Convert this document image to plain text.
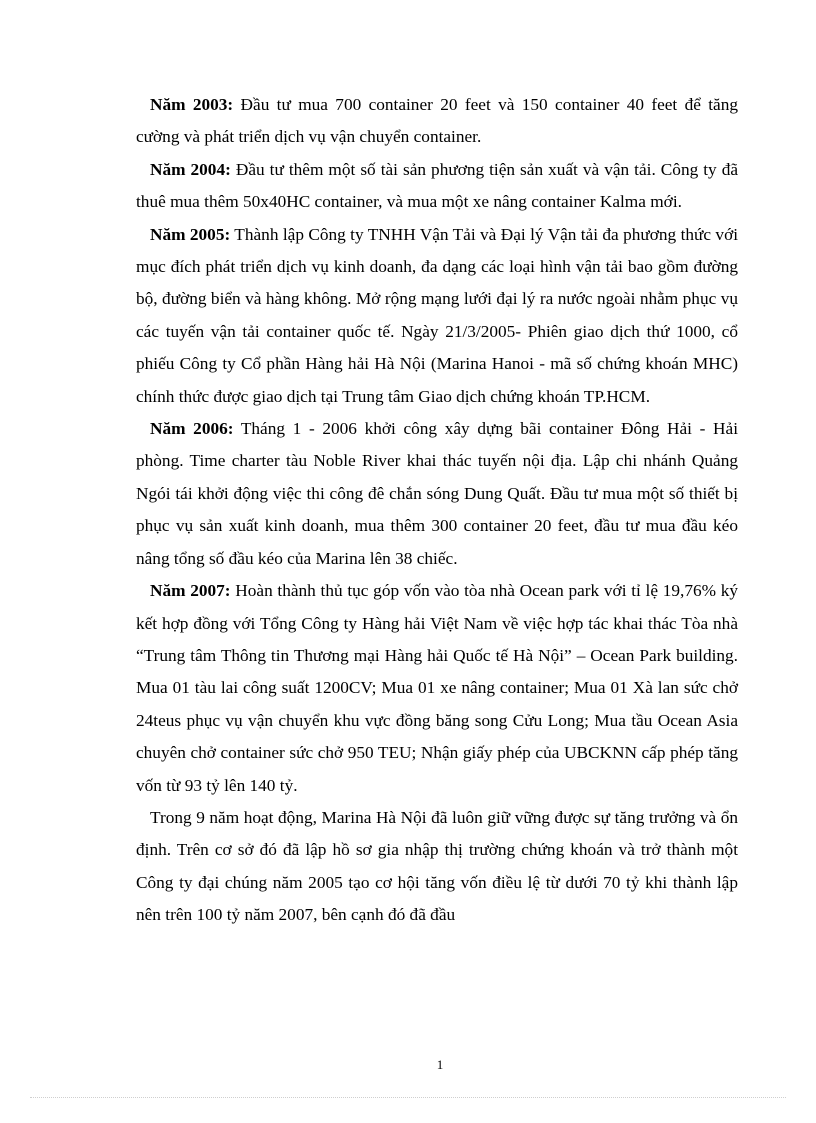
Năm 2003: Đầu tư mua 700 container 20 feet và 150 container 40 feet để tăng cường và phát triển dịch vụ vận chuyển container.

Năm 2004: Đầu tư thêm một số tài sản phương tiện sản xuất và vận tải. Công ty đã thuê mua thêm 50x40HC container, và mua một xe nâng container Kalma mới.

Năm 2005: Thành lập Công ty TNHH Vận Tải và Đại lý Vận tải đa phương thức với mục đích phát triển dịch vụ kinh doanh, đa dạng các loại hình vận tải bao gồm đường bộ, đường biển và hàng không. Mở rộng mạng lưới đại lý ra nước ngoài nhằm phục vụ các tuyến vận tải container quốc tế. Ngày 21/3/2005- Phiên giao dịch thứ 1000, cổ phiếu Công ty Cổ phần Hàng hải Hà Nội (Marina Hanoi - mã số chứng khoán MHC) chính thức được giao dịch tại Trung tâm Giao dịch chứng khoán TP.HCM.

Năm 2006: Tháng 1 - 2006 khởi công xây dựng bãi container Đông Hải - Hải phòng. Time charter tàu Noble River khai thác tuyến nội địa. Lập chi nhánh Quảng Ngói tái khởi động việc thi công đê chắn sóng Dung Quất. Đầu tư mua một số thiết bị phục vụ sản xuất kinh doanh, mua thêm 300 container 20 feet, đầu tư mua đầu kéo nâng tổng số đầu kéo của Marina lên 38 chiếc.

Năm 2007: Hoàn thành thủ tục góp vốn vào tòa nhà Ocean park với tỉ lệ 19,76% ký kết hợp đồng với Tổng Công ty Hàng hải Việt Nam về việc hợp tác khai thác Tòa nhà “Trung tâm Thông tin Thương mại Hàng hải Quốc tế Hà Nội” – Ocean Park building. Mua 01 tàu lai công suất 1200CV; Mua 01 xe nâng container; Mua 01 Xà lan sức chở 24teus phục vụ vận chuyển khu vực đồng băng song Cửu Long; Mua tầu Ocean Asia chuyên chở container sức chở 950 TEU; Nhận giấy phép của UBCKNN cấp phép tăng vốn từ 93 tỷ lên 140 tỷ.

Trong 9 năm hoạt động, Marina Hà Nội đã luôn giữ vững được sự tăng trưởng và ổn định. Trên cơ sở đó đã lập hồ sơ gia nhập thị trường chứng khoán và trở thành một Công ty đại chúng năm 2005 tạo cơ hội tăng vốn điều lệ từ dưới 70 tỷ khi thành lập nên trên 100 tỷ năm 2007, bên cạnh đó đã đầu

1
